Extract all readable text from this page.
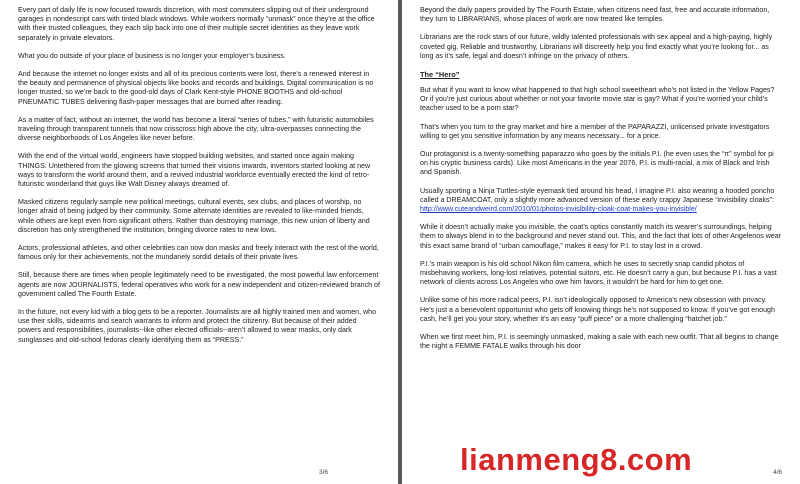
Every part of daily life is now focused towards discretion, with most commuters slipping out of their underground garages in nondescript cars with tinted black windows. While workers normally “unmask” once they’re at the office with their trusted colleagues, they each slip back into one of their multiple secret identities as they leave work separately in private elevators.

What you do outside of your place of business is no longer your employer’s business.

And because the internet no longer exists and all of its precious contents were lost, there’s a renewed interest in the beauty and permanence of physical objects like books and records and buildings. Digital communication is no longer trusted, so we’re back to the good-old days of Clark Kent-style PHONE BOOTHS and old-school PNEUMATIC TUBES delivering flash-paper messages that are burned after reading.

As a matter of fact, without an internet, the world has become a literal “series of tubes,” with futuristic automobiles traveling through transparent tunnels that now crisscross high above the city, ultra-overpasses connecting the diverse neighborhoods of Los Angeles like never before.

With the end of the virtual world, engineers have stopped building websites, and started once again making THINGS. Untethered from the glowing screens that turned their visions inwards, inventors started looking at new ways to transform the world around them, and a revived industrial workforce eventually erected the kind of retro-futuristic wonderland that guys like Walt Disney always dreamed of.

Masked citizens regularly sample new political meetings, cultural events, sex clubs, and places of worship, no longer afraid of being judged by their community. Some alternate identities are revealed to like-minded friends, while others are kept even from significant others. Rather than destroying marriage, this new union of liberty and discretion has only strengthened the institution, bringing divorce rates to new lows.

Actors, professional athletes, and other celebrities can now don masks and freely interact with the rest of the world, famous only for their achievements, not the mundanely sordid details of their private lives.

Still, because there are times when people legitimately need to be investigated, the most powerful law enforcement agents are now JOURNALISTS, federal operatives who work for a new independent and citizen-reviewed branch of government called The Fourth Estate.

In the future, not every kid with a blog gets to be a reporter. Journalists are all highly trained men and women, who use their skills, sidearms and search warrants to inform and protect the citizenry. But because of their added powers and responsibilities, journalists--like other elected officials--aren’t allowed to wear masks, only dark sunglasses and old-school fedoras clearly identifying them as “PRESS.”

3/6

Beyond the daily papers provided by The Fourth Estate, when citizens need fast, free and accurate information, they turn to LIBRARIANS, whose places of work are now treated like temples.

Librarians are the rock stars of our future, wildly talented professionals with sex appeal and a high-paying, highly coveted gig. Reliable and trustworthy, Librarians will discreetly help you find exactly what you’re looking for... as long as it’s safe, legal and doesn’t infringe on the privacy of others.

The “Hero”

But what if you want to know what happened to that high school sweetheart who’s not listed in the Yellow Pages? Or if you’re just curious about whether or not your favorite movie star is gay? What if you’re worried your child’s teacher used to be a porn star?

That’s when you turn to the gray market and hire a member of the PAPARAZZI, unlicensed private investigators willing to get you sensitive information by any means necessary... for a price.

Our protagonist is a twenty-something paparazzo who goes by the initials P.I. (he even uses the “π” symbol for pi on his cryptic business cards). Like most Americans in the year 2076, P.I. is multi-racial, a mix of Black and Irish and Spanish.

Usually sporting a Ninja Turtles-style eyemask tied around his head, I imagine P.I. also wearing a hooded poncho called a DREAMCOAT, only a slightly more advanced version of these early crappy Japanese “invisibility cloaks”: http://www.cuteandweird.com/2010/01/photos-invisibility-cloak-coat-makes-you-invisible/

While it doesn’t actually make you invisible, the coat’s optics constantly match its wearer’s surroundings, helping them to always blend in to the background and never stand out. This, and the fact that lots of other Angelenos wear this exact same brand of “urban camouflage,” makes it easy for P.I. to stay lost in a crowd.

P.I.’s main weapon is his old school Nikon film camera, which he uses to secretly snap candid photos of misbehaving workers, long-lost relatives, potential suitors, etc. He doesn’t carry a gun, but because P.I. has a vast network of clients across Los Angeles who owe him favors, it wouldn’t be hard for him to get one.

Unlike some of his more radical peers, P.I. isn’t ideologically opposed to America’s new obsession with privacy. He’s just a a benevolent opportunist who gets off knowing things he’s not supposed to know. If you’ve got enough cash, he’ll get you your story, whether it’s an easy “puff piece” or a more challenging “hatchet job.”

When we first meet him, P.I. is seemingly unmasked, making a sale with each new outfit. That all begins to change the night a FEMME FATALE walks through his door

4/6
lianmeng8.com
